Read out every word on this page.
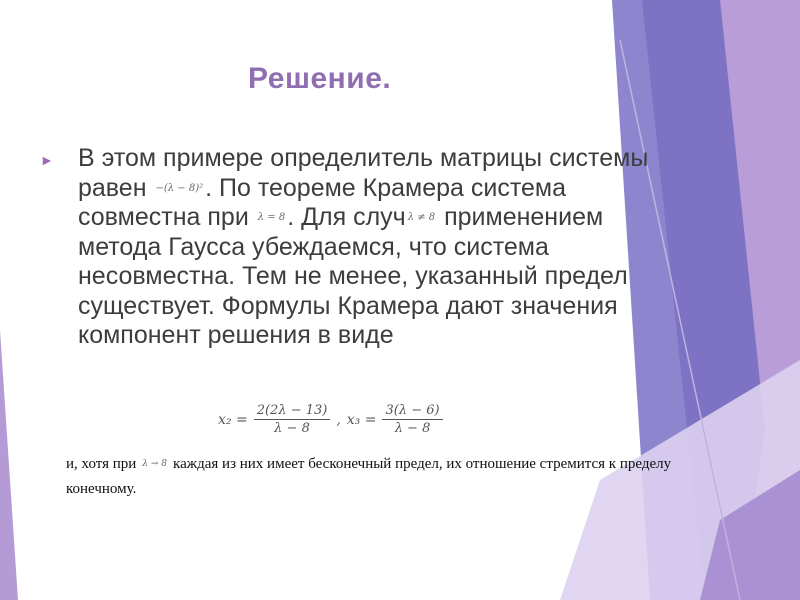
Решение.
► В этом примере определитель матрицы системы равен −(λ − 8)². По теореме Крамера система совместна при λ = 8. Для случ λ ≠ 8 применением метода Гаусса убеждаемся, что система несовместна. Тем не менее, указанный предел существует. Формулы Крамера дают значения компонент решения в виде
$x_2 = \frac{2(2\lambda - 13)}{\lambda - 8}$ , $x_3 = \frac{3(\lambda - 6)}{\lambda - 8}$
и, хотя при λ → 8 каждая из них имеет бесконечный предел, их отношение стремится к пределу конечному.
